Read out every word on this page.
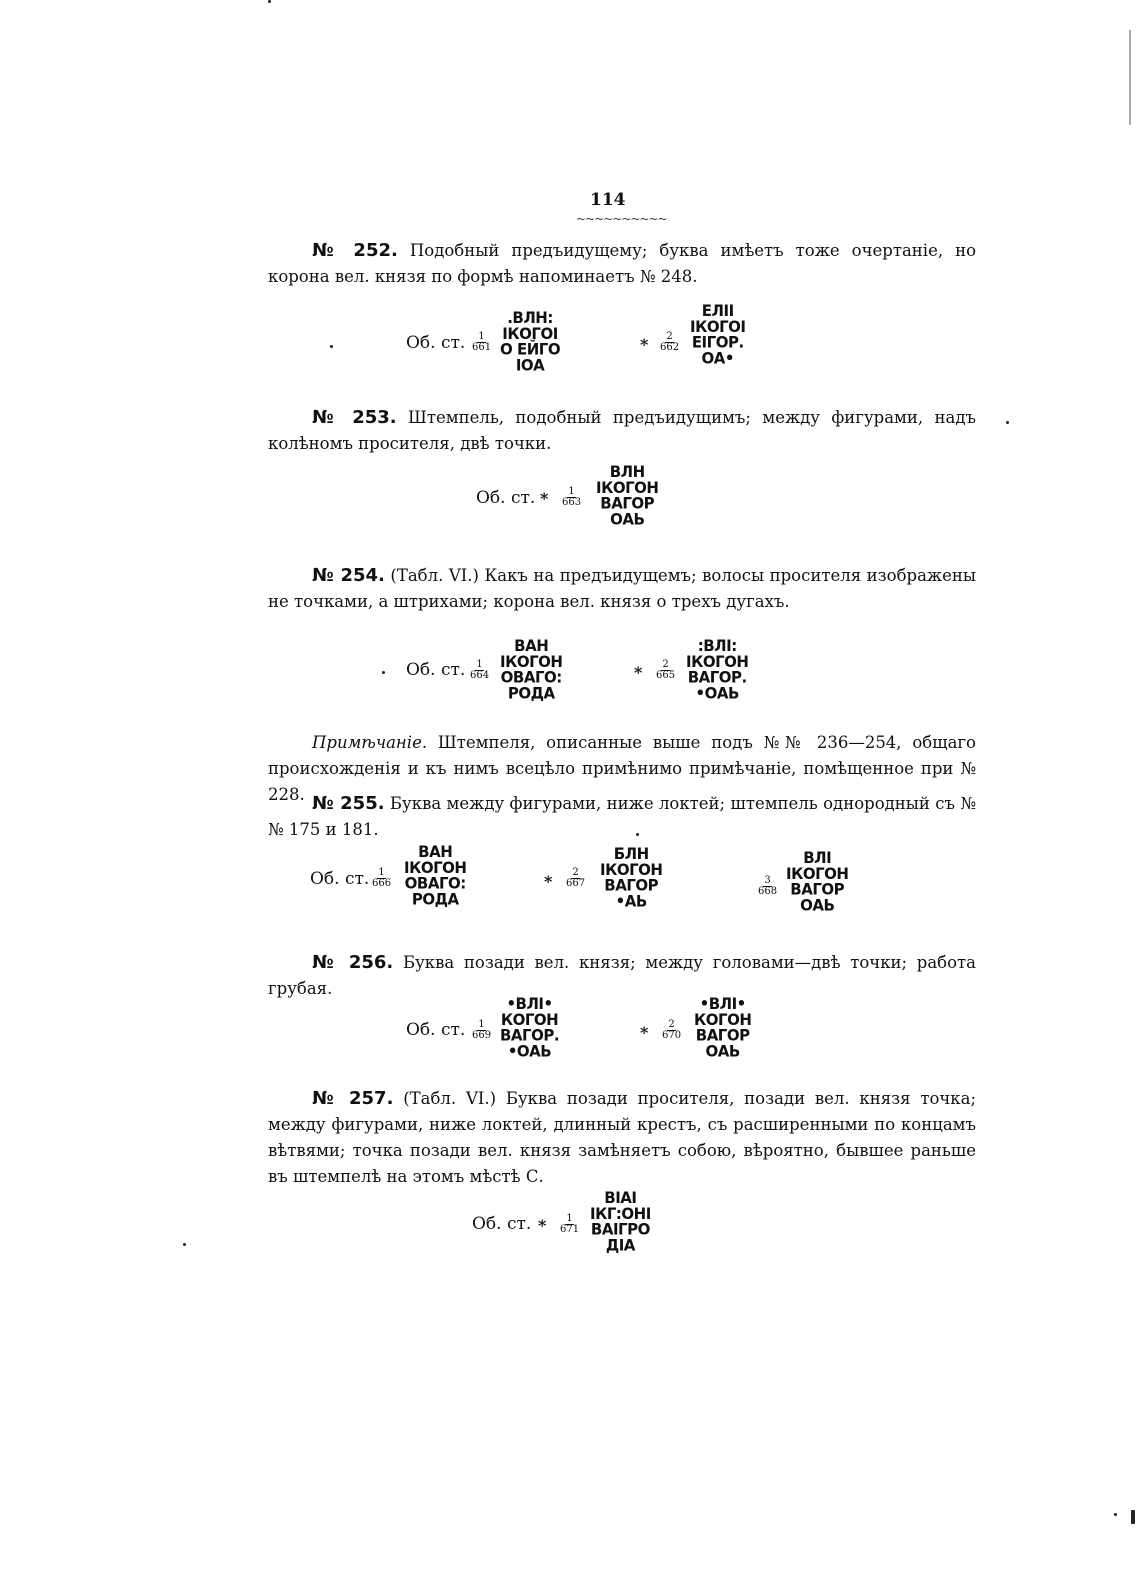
114
~~~~~~~~~~
№ 252. Подобный предъидущему; буква имѣетъ тоже очертаніе, но корона вел. князя по формѣ напоминаетъ № 248.
Об. ст. $\frac{1}{661}$
.ВЛН:
ІКОГОІ
О ЕЙГО
ІОА
* $\frac{2}{662}$
ЕЛІІ
ІКОГОІ
ЕІГОР.
ОА•
№ 253. Штемпель, подобный предъидущимъ; между фигурами, надъ колѣномъ просителя, двѣ точки.
Об. ст. * $\frac{1}{663}$
ВЛН
ІКОГОН
ВАГОР
ОАЬ
№ 254. (Табл. VI.) Какъ на предъидущемъ; волосы просителя изображены не точками, а штрихами; корона вел. князя о трехъ дугахъ.
Об. ст. $\frac{1}{664}$
ВАН
ІКОГОН
ОВАГО:
РОДА
* $\frac{2}{665}$
:ВЛІ:
ІКОГОН
ВАГОР.
•ОАЬ
Примѣчаніе. Штемпеля, описанные выше подъ №№ 236—254, общаго происхожденія и къ нимъ всецѣло примѣнимо примѣчаніе, помѣщенное при № 228. № 255. Буква между фигурами, ниже локтей; штемпель однородный съ №№ 175 и 181.
Об. ст. $\frac{1}{666}$
ВАН
ІКОГОН
ОВАГО:
РОДА
* $\frac{2}{667}$
БЛН
ІКОГОН
ВАГОР
•АЬ
$\frac{3}{668}$
ВЛІ
ІКОГОН
ВАГОР
ОАЬ
№ 256. Буква позади вел. князя; между головами—двѣ точки; работа грубая.
Об. ст. $\frac{1}{669}$
•ВЛІ•
КОГОН
ВАГОР.
•ОАЬ
* $\frac{2}{670}$
•ВЛІ•
КОГОН
ВАГОР
ОАЬ
№ 257. (Табл. VI.) Буква позади просителя, позади вел. князя точка; между фигурами, ниже локтей, длинный крестъ, съ расширенными по концамъ вѣтвями; точка позади вел. князя замѣняетъ собою, вѣроятно, бывшее раньше въ штемпелѣ на этомъ мѣстѣ С.
Об. ст. * $\frac{1}{671}$
ВІАІ
ІКГ:ОНІ
ВАІГРО
ДІА
